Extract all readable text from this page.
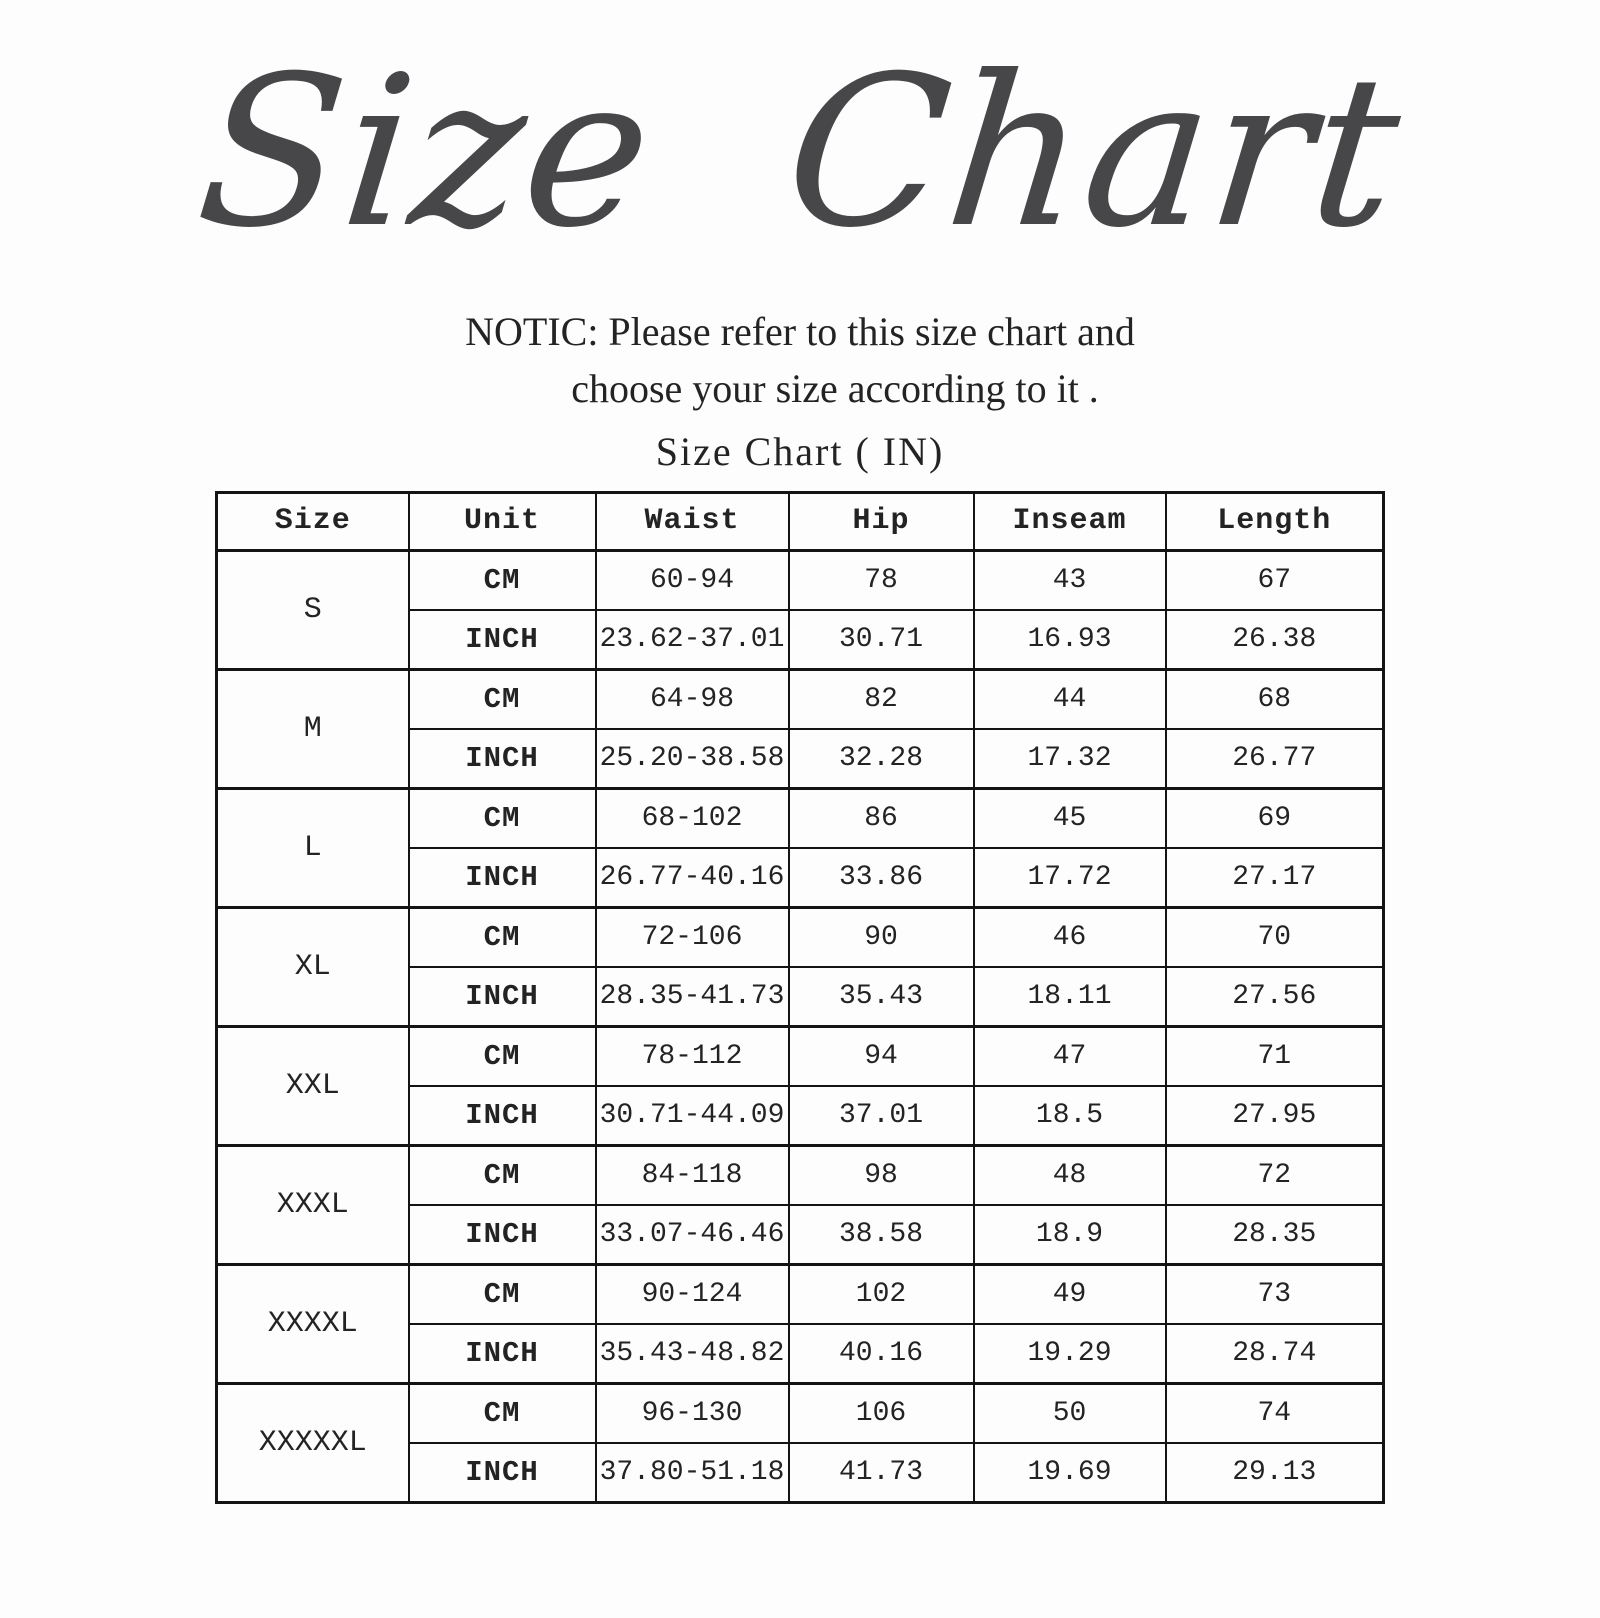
Size Chart
NOTIC: Please refer to this size chart and
choose your size according to it .
Size Chart ( IN)
Size	Unit	Waist	Hip	Inseam	Length
S	CM	60-94	78	43	67
	INCH	23.62-37.01	30.71	16.93	26.38
M	CM	64-98	82	44	68
	INCH	25.20-38.58	32.28	17.32	26.77
L	CM	68-102	86	45	69
	INCH	26.77-40.16	33.86	17.72	27.17
XL	CM	72-106	90	46	70
	INCH	28.35-41.73	35.43	18.11	27.56
XXL	CM	78-112	94	47	71
	INCH	30.71-44.09	37.01	18.5	27.95
XXXL	CM	84-118	98	48	72
	INCH	33.07-46.46	38.58	18.9	28.35
XXXXL	CM	90-124	102	49	73
	INCH	35.43-48.82	40.16	19.29	28.74
XXXXXL	CM	96-130	106	50	74
	INCH	37.80-51.18	41.73	19.69	29.13
